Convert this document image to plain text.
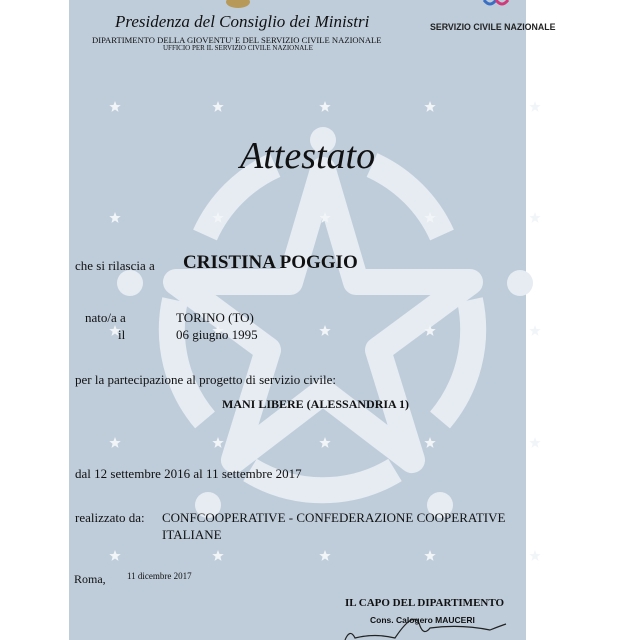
Presidenza del Consiglio dei Ministri
DIPARTIMENTO DELLA GIOVENTU' E DEL SERVIZIO CIVILE NAZIONALE
UFFICIO PER IL SERVIZIO CIVILE NAZIONALE
SERVIZIO CIVILE NAZIONALE
Attestato
che si rilascia a CRISTINA POGGIO
nato/a a	TORINO (TO)
il	06 giugno 1995
per la partecipazione al progetto di servizio civile:
MANI LIBERE (ALESSANDRIA 1)
dal 12 settembre 2016 al 11 settembre 2017
realizzato da: CONFCOOPERATIVE - CONFEDERAZIONE COOPERATIVE
ITALIANE
Roma, 11 dicembre 2017
IL CAPO DEL DIPARTIMENTO
Cons. Calogero MAUCERI
